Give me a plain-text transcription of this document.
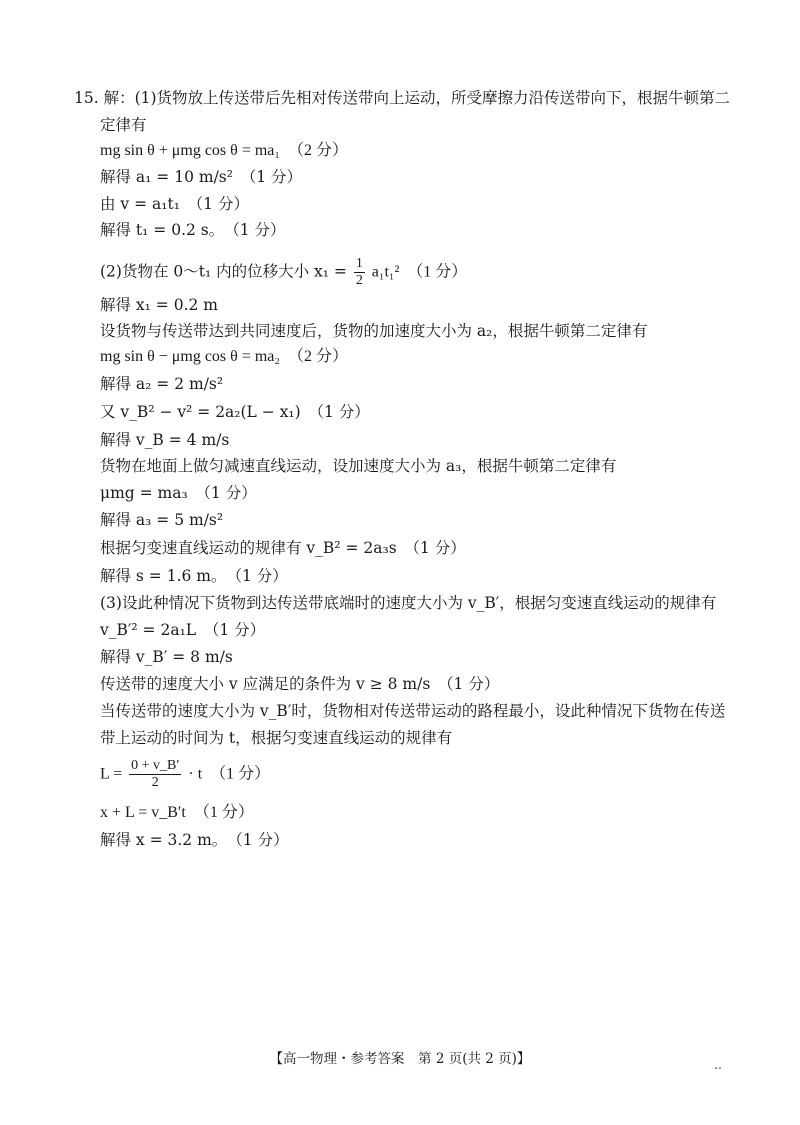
15. 解：(1)货物放上传送带后先相对传送带向上运动，所受摩擦力沿传送带向下，根据牛顿第二
定律有
mg sin θ + μmg cos θ = ma₁　（2 分）
解得 a₁ = 10 m/s²　（1 分）
由 v = a₁t₁　（1 分）
解得 t₁ = 0.2 s。　（1 分）
(2)货物在 0～t₁ 内的位移大小 $x_1 = \frac{1}{2} a_1t_1^2$　（1 分）
解得 x₁ = 0.2 m
设货物与传送带达到共同速度后，货物的加速度大小为 a₂，根据牛顿第二定律有
mg sin θ − μmg cos θ = ma₂　（2 分）
解得 a₂ = 2 m/s²
又 v_B² − v² = 2a₂(L − x₁)　（1 分）
解得 v_B = 4 m/s
货物在地面上做匀减速直线运动，设加速度大小为 a₃，根据牛顿第二定律有
μmg = ma₃　（1 分）
解得 a₃ = 5 m/s²
根据匀变速直线运动的规律有 v_B² = 2a₃s　（1 分）
解得 s = 1.6 m。　（1 分）
(3)设此种情况下货物到达传送带底端时的速度大小为 v_B′，根据匀变速直线运动的规律有
v_B′² = 2a₁L　（1 分）
解得 v_B′ = 8 m/s
传送带的速度大小 v 应满足的条件为 v ≥ 8 m/s　（1 分）
当传送带的速度大小为 v_B′时，货物相对传送带运动的路程最小，设此种情况下货物在传送
带上运动的时间为 t，根据匀变速直线运动的规律有
$L = \frac{0 + v\_B'}{2} \cdot t$　（1 分）
x + L = v_B′t　（1 分）
解得 x = 3.2 m。　（1 分）
【高一物理・参考答案　第 2 页(共 2 页)】	‥
